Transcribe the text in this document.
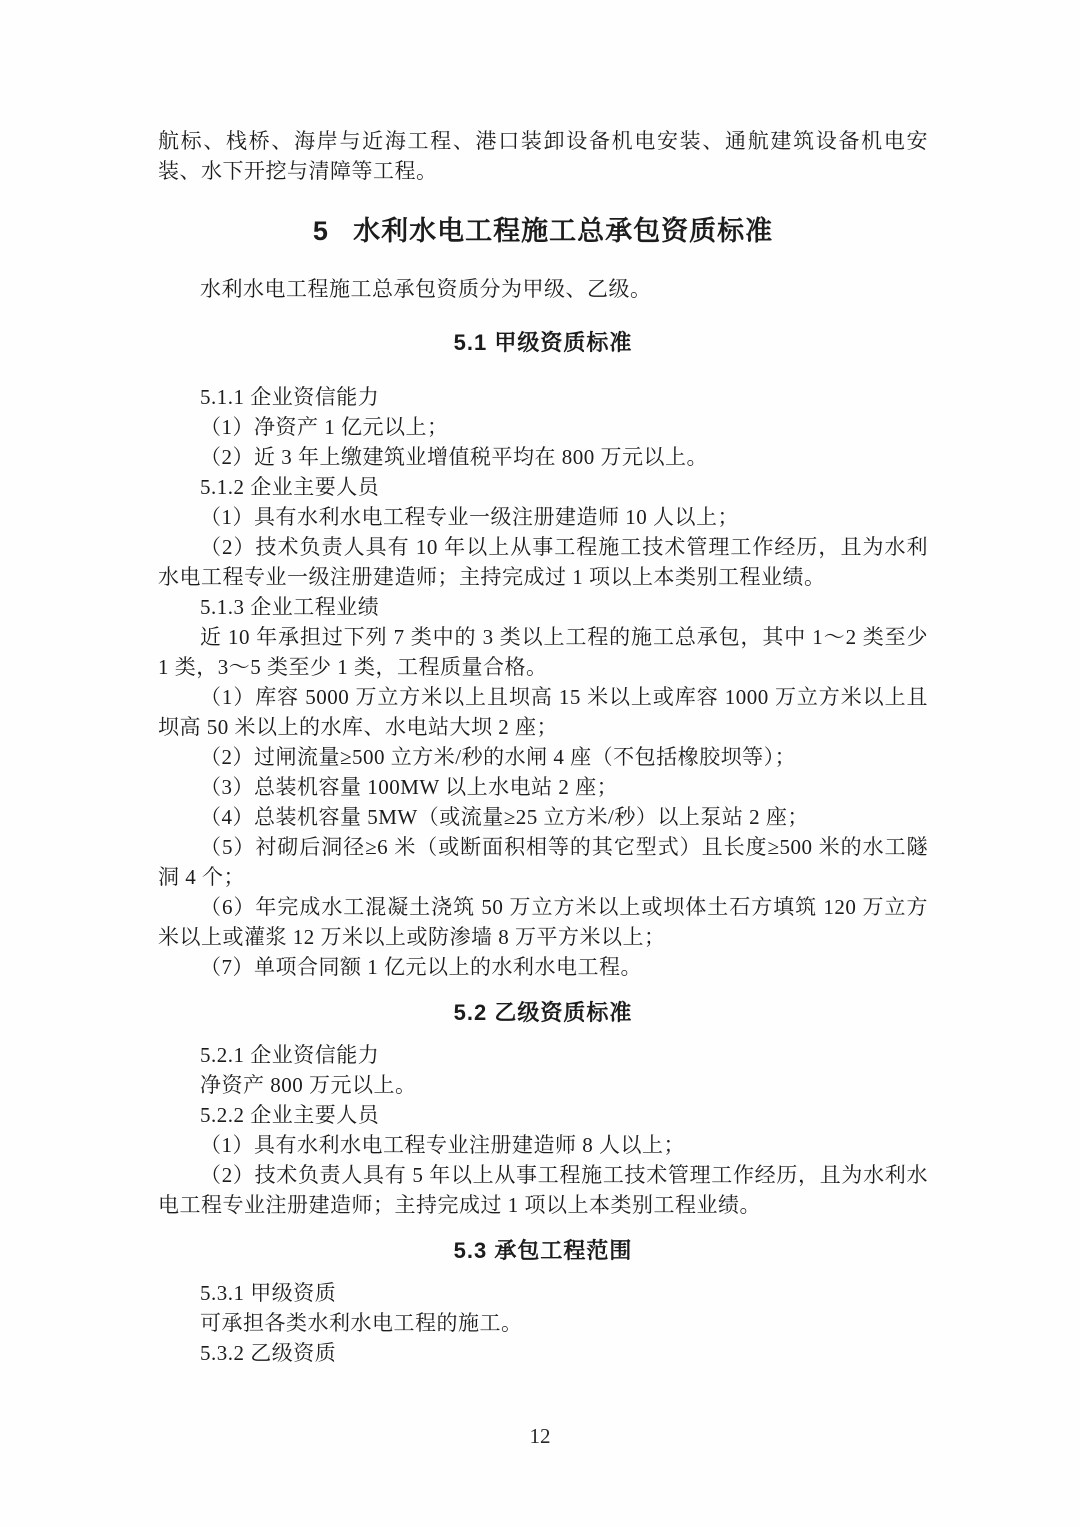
航标、栈桥、海岸与近海工程、港口装卸设备机电安装、通航建筑设备机电安装、水下开挖与清障等工程。

5 水利水电工程施工总承包资质标准

水利水电工程施工总承包资质分为甲级、乙级。

5.1 甲级资质标准

5.1.1 企业资信能力

（1）净资产 1 亿元以上；

（2）近 3 年上缴建筑业增值税平均在 800 万元以上。

5.1.2 企业主要人员

（1）具有水利水电工程专业一级注册建造师 10 人以上；

（2）技术负责人具有 10 年以上从事工程施工技术管理工作经历，且为水利水电工程专业一级注册建造师；主持完成过 1 项以上本类别工程业绩。

5.1.3 企业工程业绩

近 10 年承担过下列 7 类中的 3 类以上工程的施工总承包，其中 1～2 类至少 1 类，3～5 类至少 1 类，工程质量合格。

（1）库容 5000 万立方米以上且坝高 15 米以上或库容 1000 万立方米以上且坝高 50 米以上的水库、水电站大坝 2 座；

（2）过闸流量≥500 立方米/秒的水闸 4 座（不包括橡胶坝等）；

（3）总装机容量 100MW 以上水电站 2 座；

（4）总装机容量 5MW（或流量≥25 立方米/秒）以上泵站 2 座；

（5）衬砌后洞径≥6 米（或断面积相等的其它型式）且长度≥500 米的水工隧洞 4 个；

（6）年完成水工混凝土浇筑 50 万立方米以上或坝体土石方填筑 120 万立方米以上或灌浆 12 万米以上或防渗墙 8 万平方米以上；

（7）单项合同额 1 亿元以上的水利水电工程。

5.2 乙级资质标准

5.2.1 企业资信能力

净资产 800 万元以上。

5.2.2 企业主要人员

（1）具有水利水电工程专业注册建造师 8 人以上；

（2）技术负责人具有 5 年以上从事工程施工技术管理工作经历，且为水利水电工程专业注册建造师；主持完成过 1 项以上本类别工程业绩。

5.3 承包工程范围

5.3.1 甲级资质

可承担各类水利水电工程的施工。

5.3.2 乙级资质

12
